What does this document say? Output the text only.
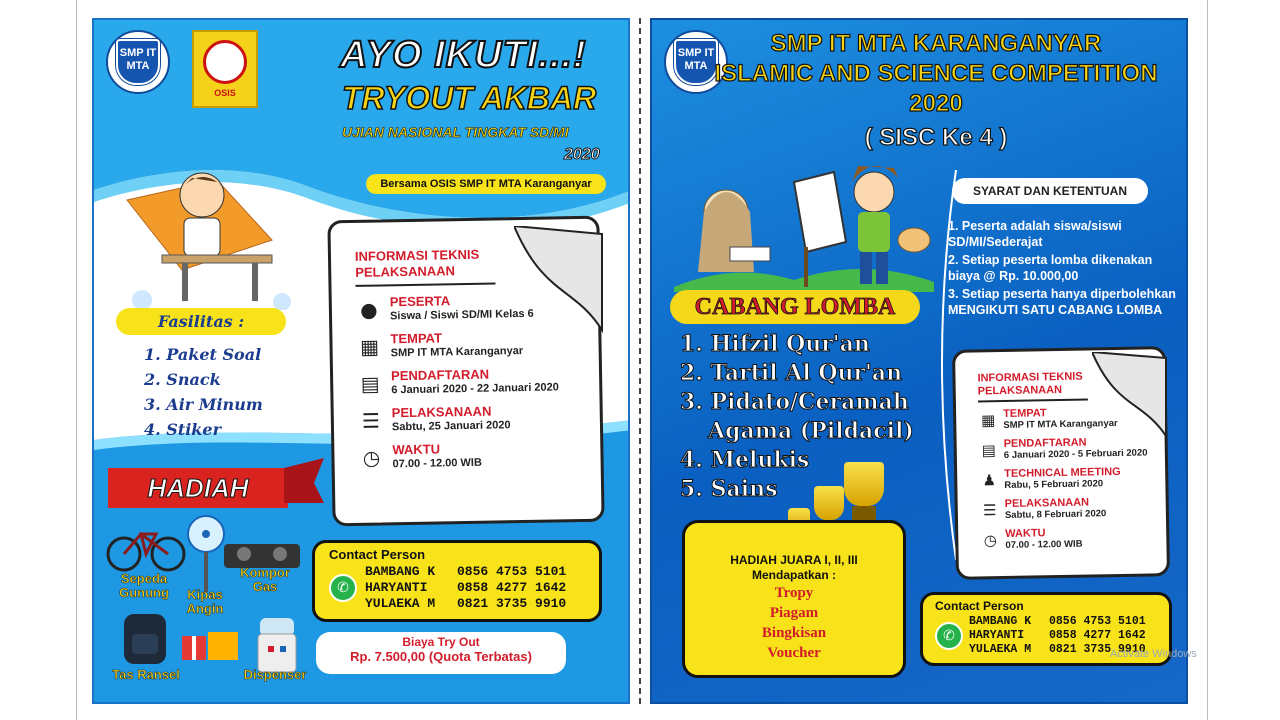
SMP IT
MTA
OSIS
AYO IKUTI...!
TRYOUT AKBAR
UJIAN NASIONAL TINGKAT SD/MI
2020
Bersama OSIS SMP IT MTA Karanganyar
Fasilitas :
1. Paket Soal
2. Snack
3. Air Minum
4. Stiker
HADIAH
Sepeda Gunung	Kipas Angin
Kompor Gas
Tas Ransel	Dispenser
INFORMASI TEKNIS PELAKSANAAN
● PESERTA
Siswa / Siswi SD/MI Kelas 6
▦ TEMPAT
SMP IT MTA Karanganyar
▤ PENDAFTARAN
6 Januari 2020 - 22 Januari 2020
☰ PELAKSANAAN
Sabtu, 25 Januari 2020
◷ WAKTU
07.00 - 12.00 WIB
Contact Person
✆
BAMBANG K	0856 4753 5101
HARYANTI	0858 4277 1642
YULAEKA M	0821 3735 9910
Biaya Try Out
Rp. 7.500,00 (Quota Terbatas)
SMP IT
MTA
SMP IT MTA KARANGANYAR
ISLAMIC AND SCIENCE COMPETITION
2020
( SISC Ke 4 )
CABANG LOMBA
1. Hifzil Qur'an
2. Tartil Al Qur'an
3. Pidato/Ceramah
Agama (Pildacil)
4. Melukis
5. Sains
HADIAH JUARA I, II, III
Mendapatkan :
Tropy
Piagam
Bingkisan
Voucher
SYARAT DAN KETENTUAN
1. Peserta adalah siswa/siswi SD/MI/Sederajat
2. Setiap peserta lomba dikenakan biaya @ Rp. 10.000,00
3. Setiap peserta hanya diperbolehkan MENGIKUTI SATU CABANG LOMBA
INFORMASI TEKNIS PELAKSANAAN
▦ TEMPAT
SMP IT MTA Karanganyar
▤ PENDAFTARAN
6 Januari 2020 - 5 Februari 2020
♟ TECHNICAL MEETING
Rabu, 5 Februari 2020
☰ PELAKSANAAN
Sabtu, 8 Februari 2020
◷ WAKTU
07.00 - 12.00 WIB
Contact Person
✆
BAMBANG K	0856 4753 5101
HARYANTI	0858 4277 1642
YULAEKA M	0821 3735 9910
Activate Windows
